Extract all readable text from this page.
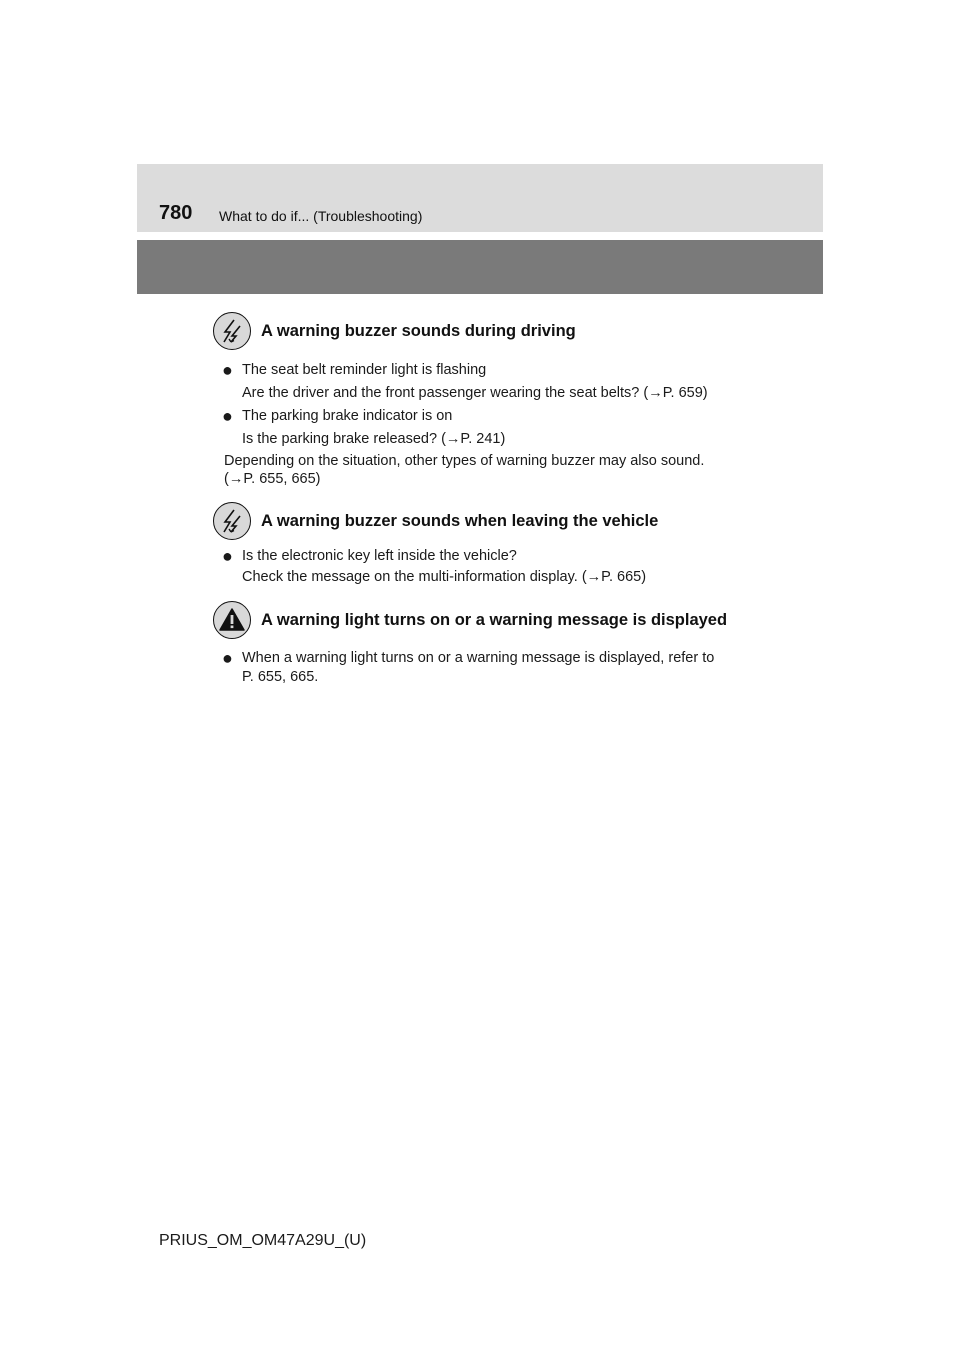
780 What to do if... (Troubleshooting)
A warning buzzer sounds during driving
● The seat belt reminder light is flashing
Are the driver and the front passenger wearing the seat belts? (→P. 659)
● The parking brake indicator is on
Is the parking brake released? (→P. 241)
Depending on the situation, other types of warning buzzer may also sound.
(→P. 655, 665)
A warning buzzer sounds when leaving the vehicle
● Is the electronic key left inside the vehicle?
Check the message on the multi-information display. (→P. 665)
A warning light turns on or a warning message is displayed
● When a warning light turns on or a warning message is displayed, refer to
P. 655, 665.
PRIUS_OM_OM47A29U_(U)
